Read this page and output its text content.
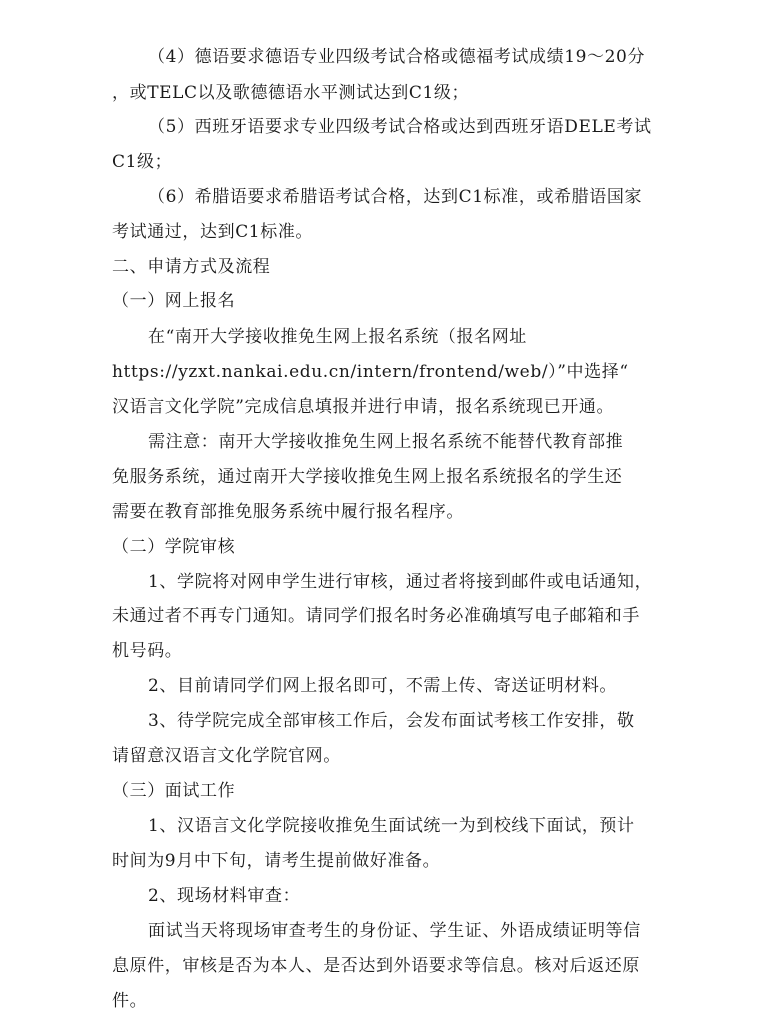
（4）德语要求德语专业四级考试合格或德福考试成绩19～20分
，或TELC以及歌德德语水平测试达到C1级；
（5）西班牙语要求专业四级考试合格或达到西班牙语DELE考试
C1级；
（6）希腊语要求希腊语考试合格，达到C1标准，或希腊语国家
考试通过，达到C1标准。
二、申请方式及流程
（一）网上报名
在“南开大学接收推免生网上报名系统（报名网址
https://yzxt.nankai.edu.cn/intern/frontend/web/）”中选择“
汉语言文化学院”完成信息填报并进行申请，报名系统现已开通。
需注意：南开大学接收推免生网上报名系统不能替代教育部推
免服务系统，通过南开大学接收推免生网上报名系统报名的学生还
需要在教育部推免服务系统中履行报名程序。
（二）学院审核
1、学院将对网申学生进行审核，通过者将接到邮件或电话通知，
未通过者不再专门通知。请同学们报名时务必准确填写电子邮箱和手
机号码。
2、目前请同学们网上报名即可，不需上传、寄送证明材料。
3、待学院完成全部审核工作后，会发布面试考核工作安排，敬
请留意汉语言文化学院官网。
（三）面试工作
1、汉语言文化学院接收推免生面试统一为到校线下面试，预计
时间为9月中下旬，请考生提前做好准备。
2、现场材料审查：
面试当天将现场审查考生的身份证、学生证、外语成绩证明等信
息原件，审核是否为本人、是否达到外语要求等信息。核对后返还原
件。
